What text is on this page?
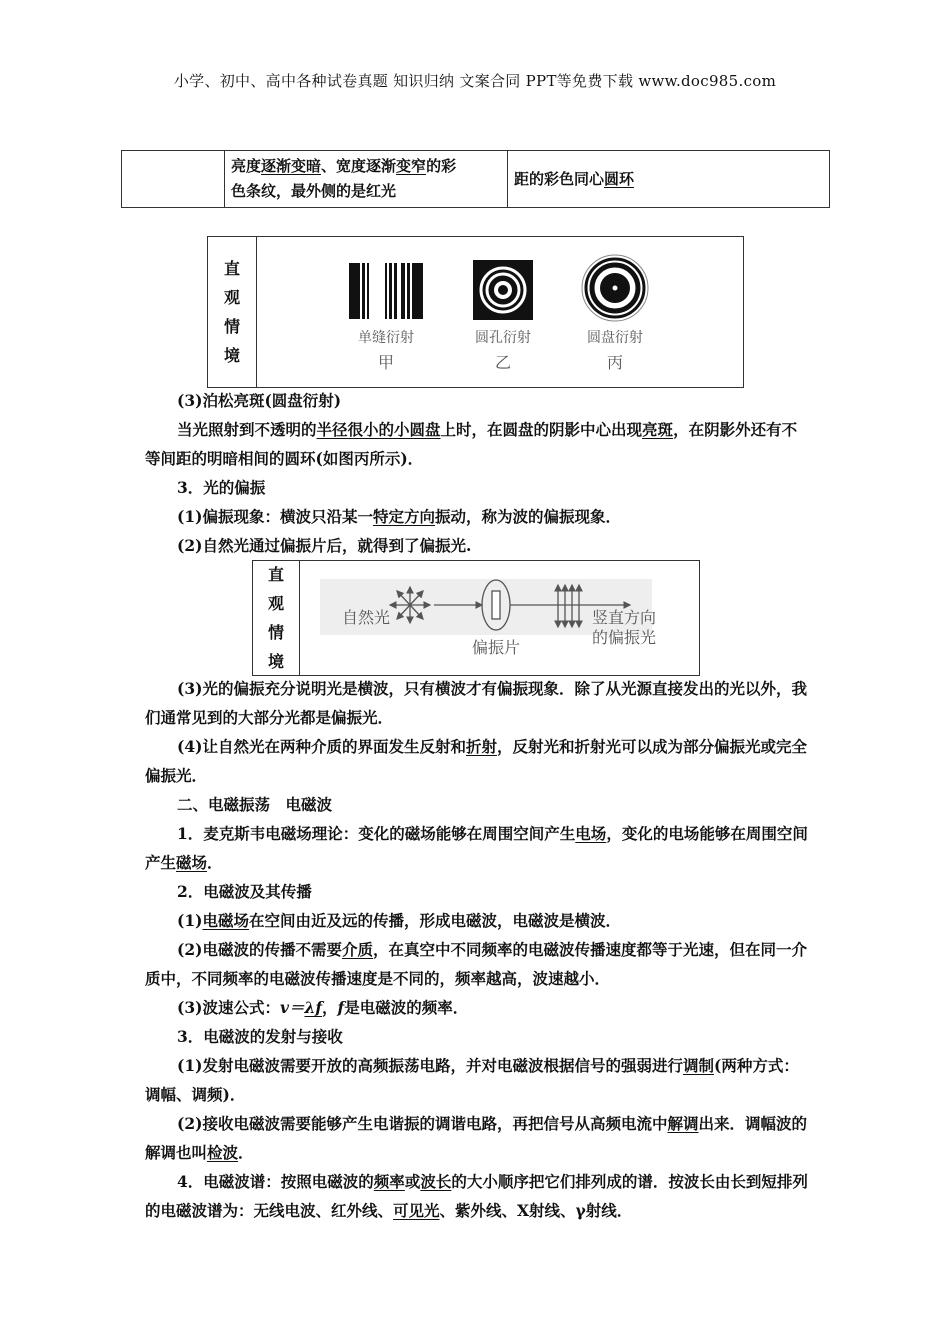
小学、初中、高中各种试卷真题 知识归纳 文案合同 PPT等免费下载 www.doc985.com
	亮度逐渐变暗、宽度逐渐变窄的彩
色条纹，最外侧的是红光	距的彩色同心圆环
直
观
情
境
单缝衍射	圆孔衍射	圆盘衍射
甲	乙	丙
(3)泊松亮斑(圆盘衍射)
当光照射到不透明的半径很小的小圆盘上时，在圆盘的阴影中心出现亮斑，在阴影外还有不等间距的明暗相间的圆环(如图丙所示)．
3．光的偏振
(1)偏振现象：横波只沿某一特定方向振动，称为波的偏振现象．
(2)自然光通过偏振片后，就得到了偏振光.
直
观
情
境
自然光
偏振片
竖直方向
的偏振光
(3)光的偏振充分说明光是横波，只有横波才有偏振现象．除了从光源直接发出的光以外，我们通常见到的大部分光都是偏振光．
(4)让自然光在两种介质的界面发生反射和折射，反射光和折射光可以成为部分偏振光或完全偏振光．
二、电磁振荡　电磁波
1．麦克斯韦电磁场理论：变化的磁场能够在周围空间产生电场，变化的电场能够在周围空间产生磁场．
2．电磁波及其传播
(1)电磁场在空间由近及远的传播，形成电磁波，电磁波是横波．
(2)电磁波的传播不需要介质，在真空中不同频率的电磁波传播速度都等于光速，但在同一介质中，不同频率的电磁波传播速度是不同的，频率越高，波速越小．
(3)波速公式：v＝λf，f是电磁波的频率．
3．电磁波的发射与接收
(1)发射电磁波需要开放的高频振荡电路，并对电磁波根据信号的强弱进行调制(两种方式：调幅、调频)．
(2)接收电磁波需要能够产生电谐振的调谐电路，再把信号从高频电流中解调出来．调幅波的解调也叫检波．
4．电磁波谱：按照电磁波的频率或波长的大小顺序把它们排列成的谱．按波长由长到短排列的电磁波谱为：无线电波、红外线、可见光、紫外线、X射线、γ射线．
